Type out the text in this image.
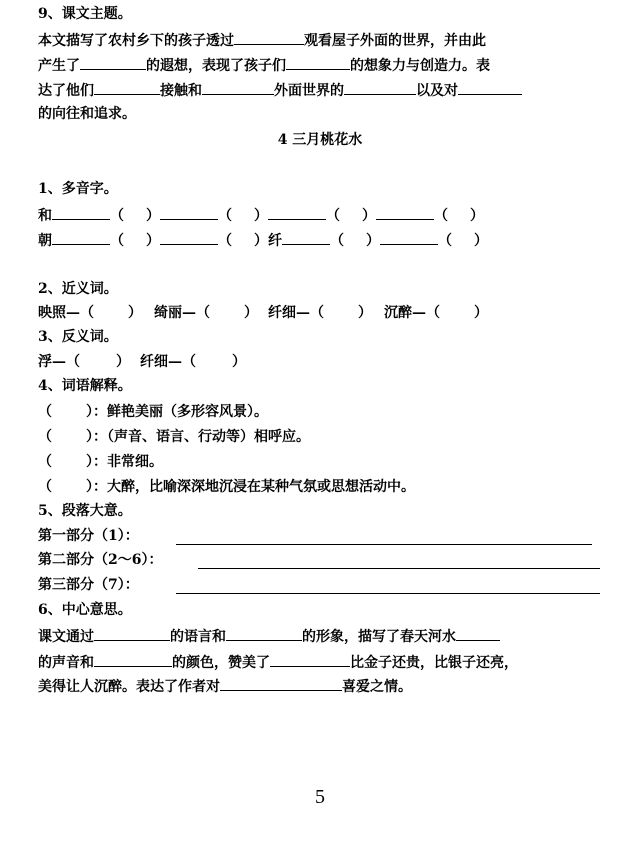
9、课文主题。
本文描写了农村乡下的孩子透过	观看屋子外面的世界，并由此
产生了	的遐想，表现了孩子们	的想象力与创造力。表
达了他们	接触和	外面世界的	以及对
的向往和追求。
4 三月桃花水
1、多音字。
和	（ ）	（ ）	（ ）	（ ）
朝	（ ）	（ ）纤	（ ）	（ ）
2、近义词。
映照—（ ） 绮丽—（ ） 纤细—（ ） 沉醉—（ ）
3、反义词。
浮—（	） 纤细—（	）
4、词语解释。
（ ）：鲜艳美丽（多形容风景）。
（ ）：（声音、语言、行动等）相呼应。
（ ）：非常细。
（ ）：大醉，比喻深深地沉浸在某种气氛或思想活动中。
5、段落大意。
第一部分（1）：
第二部分（2～6）：
第三部分（7）：
6、中心意思。
课文通过	的语言和	的形象，描写了春天河水
的声音和	的颜色，赞美了	比金子还贵，比银子还亮，
美得让人沉醉。表达了作者对	喜爱之情。
5
